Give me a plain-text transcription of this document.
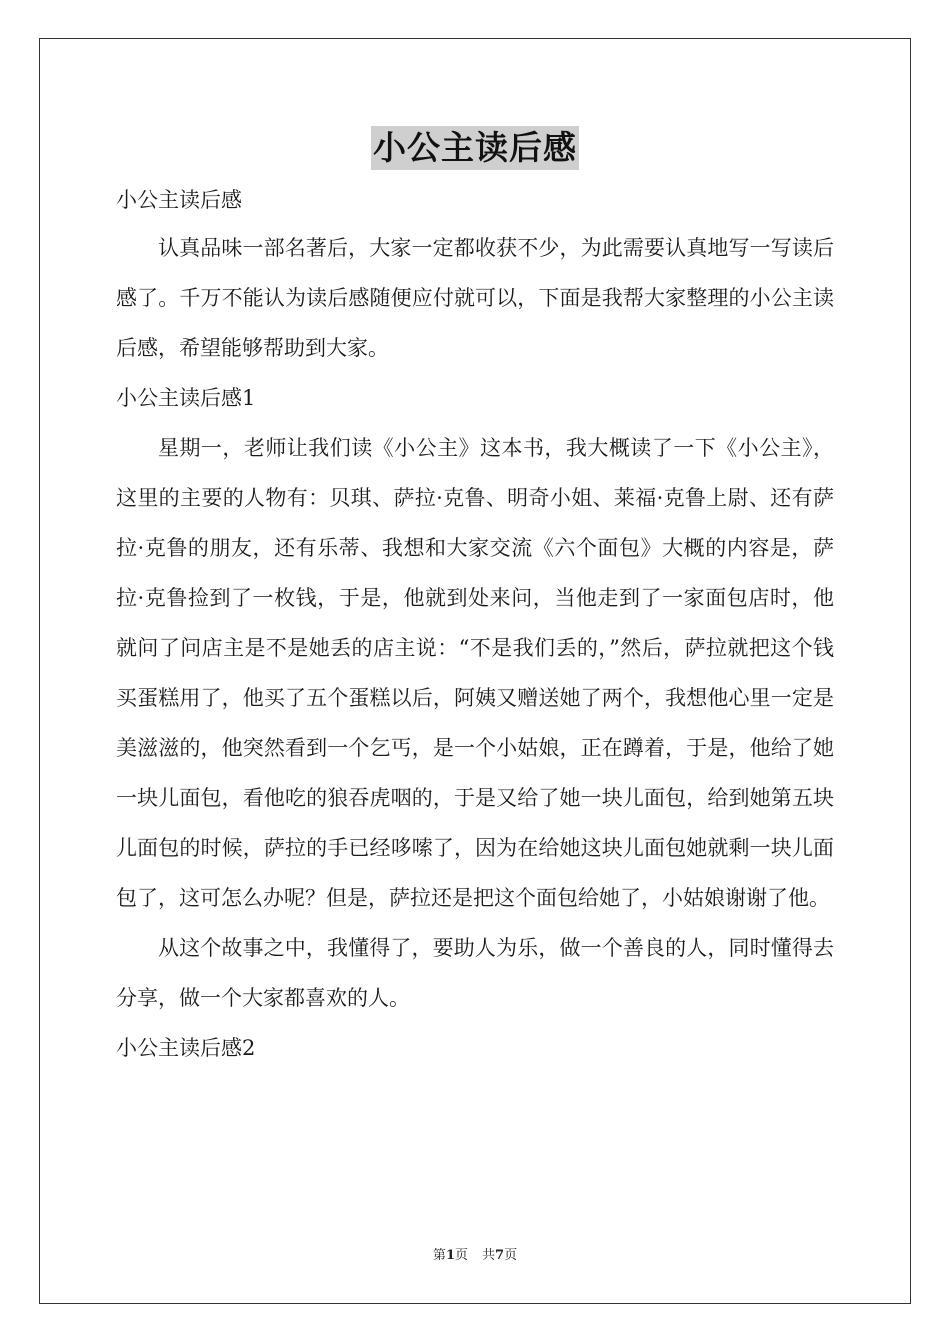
小公主读后感

小公主读后感

认真品味一部名著后，大家一定都收获不少，为此需要认真地写一写读后感了。千万不能认为读后感随便应付就可以，下面是我帮大家整理的小公主读后感，希望能够帮助到大家。

小公主读后感1

星期一，老师让我们读《小公主》这本书，我大概读了一下《小公主》，这里的主要的人物有：贝琪、萨拉·克鲁、明奇小姐、莱福·克鲁上尉、还有萨拉·克鲁的朋友，还有乐蒂、我想和大家交流《六个面包》大概的内容是，萨拉·克鲁捡到了一枚钱，于是，他就到处来问，当他走到了一家面包店时，他就问了问店主是不是她丢的店主说：“不是我们丢的，”然后，萨拉就把这个钱买蛋糕用了，他买了五个蛋糕以后，阿姨又赠送她了两个，我想他心里一定是美滋滋的，他突然看到一个乞丐，是一个小姑娘，正在蹲着，于是，他给了她一块儿面包，看他吃的狼吞虎咽的，于是又给了她一块儿面包，给到她第五块儿面包的时候，萨拉的手已经哆嗦了，因为在给她这块儿面包她就剩一块儿面包了，这可怎么办呢？但是，萨拉还是把这个面包给她了，小姑娘谢谢了他。

从这个故事之中，我懂得了，要助人为乐，做一个善良的人，同时懂得去分享，做一个大家都喜欢的人。

小公主读后感2

第1页 共7页
